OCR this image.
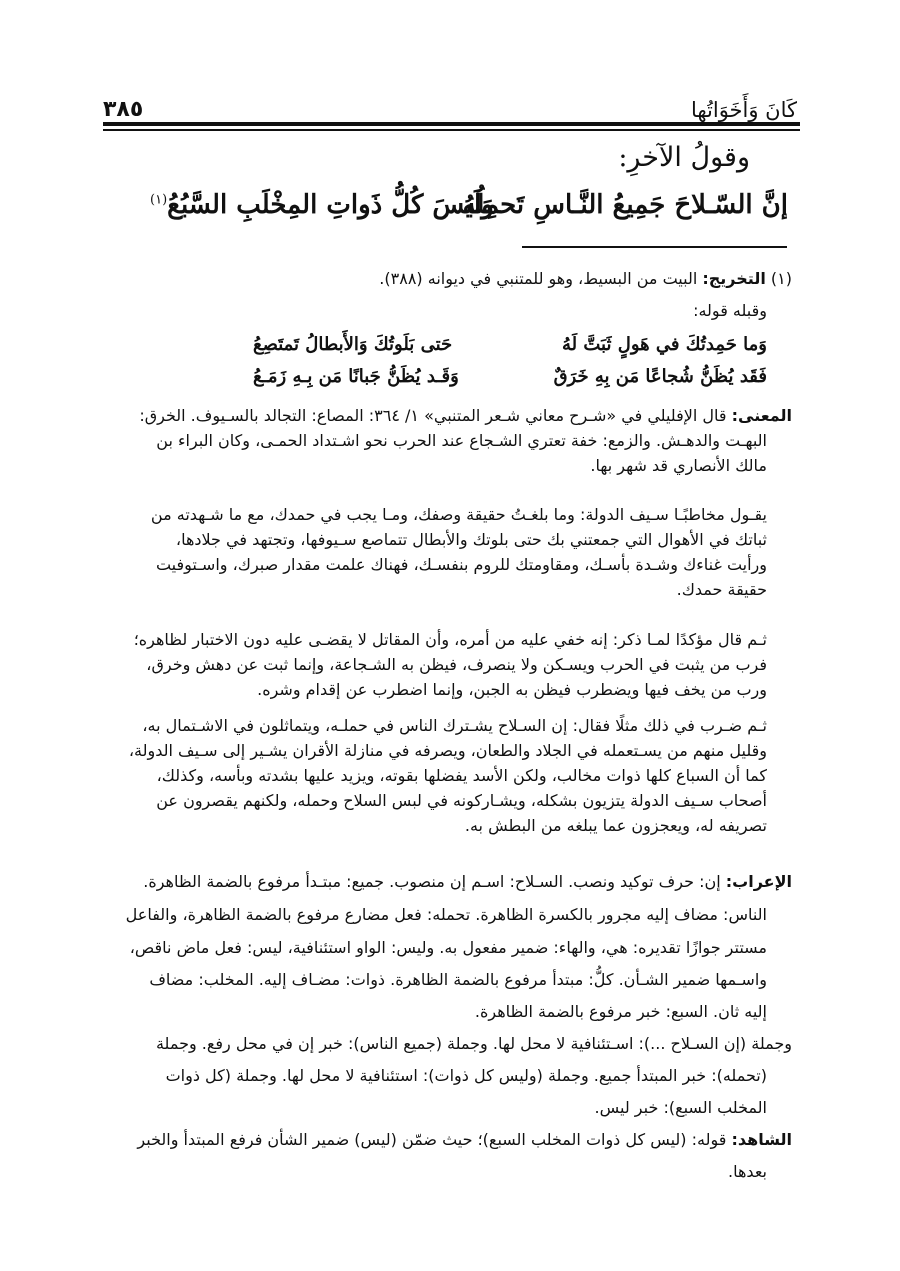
كَانَ وَأَخَوَاتُها
٣٨٥
وقولُ الآخرِ:
إنَّ السّـلاحَ جَمِيعُ النَّـاسِ تَحمِلُهُ
وَلَيسَ كُلُّ ذَواتِ المِخْلَبِ السَّبُعُ$^{(١)}$
(١) التخريج: البيت من البسيط، وهو للمتنبي في ديوانه (٣٨٨).
وقبله قوله:
وَما حَمِدتُكَ في هَولٍ ثَبَتَّ لَهُ
حَتى بَلَوتُكَ وَالأَبطالُ تَمتَصِعُ
فَقَد يُظَنُّ شُجاعًا مَن بِهِ خَرَقٌ
وَقَـد يُظَنُّ جَبانًا مَن بِـهِ زَمَـعُ
المعنى: قال الإفليلي في «شـرح معاني شـعر المتنبي» ١/ ٣٦٤: المصاع: التجالد بالسـيوف. الخرق:
البهـت والدهـش. والزمع: خفة تعتري الشـجاع عند الحرب نحو اشـتداد الحمـى، وكان البراء بن
مالك الأنصاري قد شهر بها.
يقـول مخاطبًـا سـيف الدولة: وما بلغـتُ حقيقة وصفك، ومـا يجب في حمدك، مع ما شـهدته من
ثباتك في الأهوال التي جمعتني بك حتى بلوتك والأبطال تتماصع سـيوفها، وتجتهد في جلادها،
ورأيت غناءك وشـدة بأسـك، ومقاومتك للروم بنفسـك، فهناك علمت مقدار صبرك، واسـتوفيت
حقيقة حمدك.
ثـم قال مؤكدًا لمـا ذكر: إنه خفي عليه من أمره، وأن المقاتل لا يقضـى عليه دون الاختبار لظاهره؛
فرب من يثبت في الحرب ويسـكن ولا ينصرف، فيظن به الشـجاعة، وإنما ثبت عن دهش وخرق،
ورب من يخف فيها ويضطرب فيظن به الجبن، وإنما اضطرب عن إقدام وشره.
ثـم ضـرب في ذلك مثلًا فقال: إن السـلاح يشـترك الناس في حملـه، ويتماثلون في الاشـتمال به،
وقليل منهم من يسـتعمله في الجلاد والطعان، ويصرفه في منازلة الأقران يشـير إلى سـيف الدولة،
كما أن السباع كلها ذوات مخالب، ولكن الأسد يفضلها بقوته، ويزيد عليها بشدته وبأسه، وكذلك،
أصحاب سـيف الدولة يتزيون بشكله، ويشـاركونه في لبس السلاح وحمله، ولكنهم يقصرون عن
تصريفه له، ويعجزون عما يبلغه من البطش به.
الإعراب: إن: حرف توكيد ونصب. السـلاح: اسـم إن منصوب. جميع: مبتـدأ مرفوع بالضمة الظاهرة.
الناس: مضاف إليه مجرور بالكسرة الظاهرة. تحمله: فعل مضارع مرفوع بالضمة الظاهرة، والفاعل
مستتر جوازًا تقديره: هي، والهاء: ضمير مفعول به. وليس: الواو استئنافية، ليس: فعل ماض ناقص،
واسـمها ضمير الشـأن. كلُّ: مبتدأ مرفوع بالضمة الظاهرة. ذوات: مضـاف إليه. المخلب: مضاف
إليه ثان. السبع: خبر مرفوع بالضمة الظاهرة.
وجملة (إن السـلاح ...): اسـتئنافية لا محل لها. وجملة (جميع الناس): خبر إن في محل رفع. وجملة
(تحمله): خبر المبتدأ جميع. وجملة (وليس كل ذوات): استئنافية لا محل لها. وجملة (كل ذوات
المخلب السبع): خبر ليس.
الشاهد: قوله: (ليس كل ذوات المخلب السبع)؛ حيث ضمّن (ليس) ضمير الشأن فرفع المبتدأ والخبر
بعدها.
